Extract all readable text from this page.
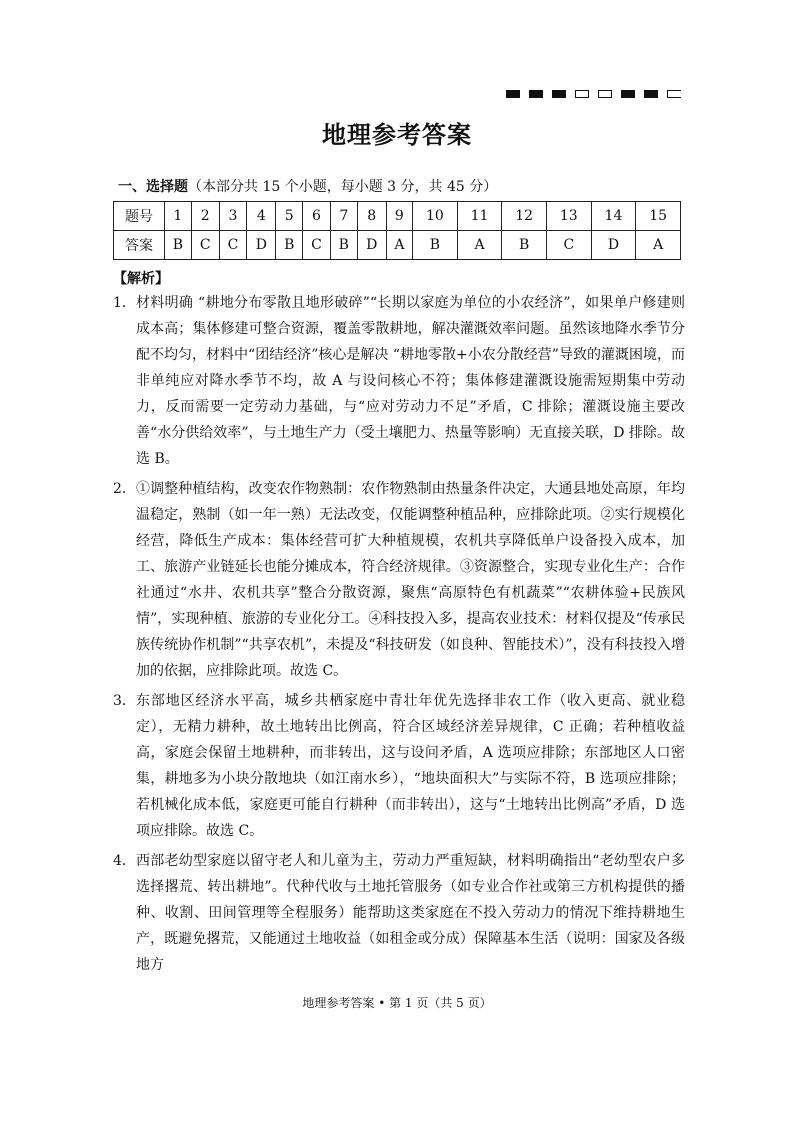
地理参考答案
一、选择题（本部分共 15 个小题，每小题 3 分，共 45 分）
题号	1	2	3	4	5	6	7	8	9	10	11	12	13	14	15
答案	B	C	C	D	B	C	B	D	A	B	A	B	C	D	A
【解析】
1． 材料明确 “耕地分布零散且地形破碎”“长期以家庭为单位的小农经济”，如果单户修建则成本高；集体修建可整合资源，覆盖零散耕地，解决灌溉效率问题。虽然该地降水季节分配不均匀，材料中“团结经济”核心是解决 “耕地零散+小农分散经营”导致的灌溉困境，而非单纯应对降水季节不均，故 A 与设问核心不符；集体修建灌溉设施需短期集中劳动力，反而需要一定劳动力基础，与“应对劳动力不足”矛盾，C 排除；灌溉设施主要改善“水分供给效率”，与土地生产力（受土壤肥力、热量等影响）无直接关联，D 排除。故选 B。
2． ①调整种植结构，改变农作物熟制：农作物熟制由热量条件决定，大通县地处高原，年均温稳定，熟制（如一年一熟）无法改变，仅能调整种植品种，应排除此项。②实行规模化经营，降低生产成本：集体经营可扩大种植规模，农机共享降低单户设备投入成本，加工、旅游产业链延长也能分摊成本，符合经济规律。③资源整合，实现专业化生产：合作社通过“水井、农机共享”整合分散资源，聚焦“高原特色有机蔬菜”“农耕体验+民族风情”，实现种植、旅游的专业化分工。④科技投入多，提高农业技术：材料仅提及“传承民族传统协作机制”“共享农机”，未提及“科技研发（如良种、智能技术）”，没有科技投入增加的依据，应排除此项。故选 C。
3． 东部地区经济水平高，城乡共栖家庭中青壮年优先选择非农工作（收入更高、就业稳定），无精力耕种，故土地转出比例高，符合区域经济差异规律，C 正确；若种植收益高，家庭会保留土地耕种，而非转出，这与设问矛盾，A 选项应排除；东部地区人口密集，耕地多为小块分散地块（如江南水乡），“地块面积大”与实际不符，B 选项应排除；若机械化成本低，家庭更可能自行耕种（而非转出），这与“土地转出比例高”矛盾，D 选项应排除。故选 C。
4． 西部老幼型家庭以留守老人和儿童为主，劳动力严重短缺，材料明确指出“老幼型农户多选择撂荒、转出耕地”。代种代收与土地托管服务（如专业合作社或第三方机构提供的播种、收割、田间管理等全程服务）能帮助这类家庭在不投入劳动力的情况下维持耕地生产，既避免撂荒，又能通过土地收益（如租金或分成）保障基本生活（说明：国家及各级地方
地理参考答案 • 第 1 页（共 5 页）
